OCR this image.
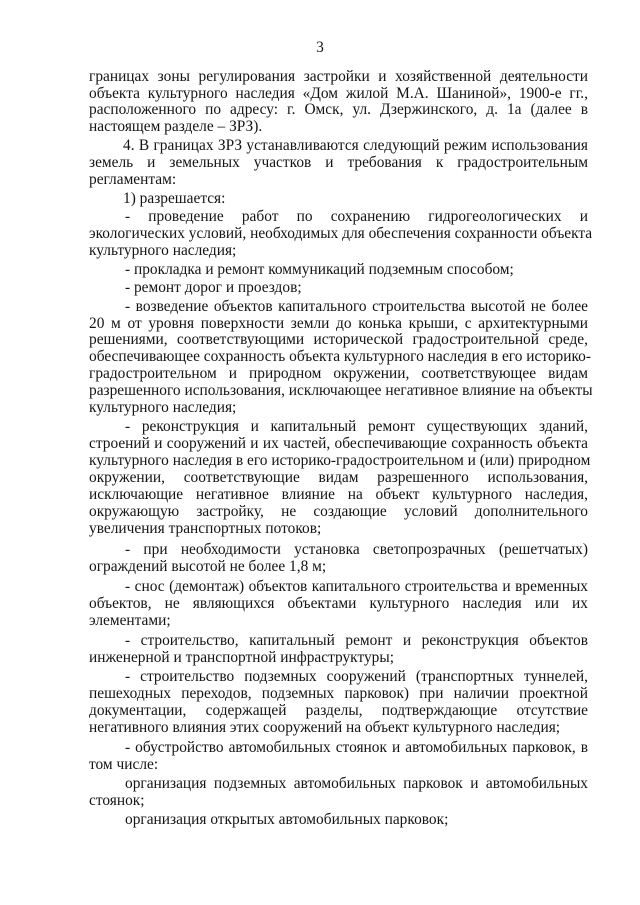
3
границах зоны регулирования застройки и хозяйственной деятельности
объекта культурного наследия «Дом жилой М.А. Шаниной», 1900-е гг.,
расположенного по адресу: г. Омск, ул. Дзержинского, д. 1а (далее в
настоящем разделе – ЗРЗ).
4. В границах ЗРЗ устанавливаются следующий режим использования
земель и земельных участков и требования к градостроительным
регламентам:
1) разрешается:
- проведение работ по сохранению гидрогеологических и
экологических условий, необходимых для обеспечения сохранности объекта
культурного наследия;
- прокладка и ремонт коммуникаций подземным способом;
- ремонт дорог и проездов;
- возведение объектов капитального строительства высотой не более
20 м от уровня поверхности земли до конька крыши, с архитектурными
решениями, соответствующими исторической градостроительной среде,
обеспечивающее сохранность объекта культурного наследия в его историко-
градостроительном и природном окружении, соответствующее видам
разрешенного использования, исключающее негативное влияние на объекты
культурного наследия;
- реконструкция и капитальный ремонт существующих зданий,
строений и сооружений и их частей, обеспечивающие сохранность объекта
культурного наследия в его историко-градостроительном и (или) природном
окружении, соответствующие видам разрешенного использования,
исключающие негативное влияние на объект культурного наследия,
окружающую застройку, не создающие условий дополнительного
увеличения транспортных потоков;
- при необходимости установка светопрозрачных (решетчатых)
ограждений высотой не более 1,8 м;
- снос (демонтаж) объектов капитального строительства и временных
объектов, не являющихся объектами культурного наследия или их
элементами;
- строительство, капитальный ремонт и реконструкция объектов
инженерной и транспортной инфраструктуры;
- строительство подземных сооружений (транспортных туннелей,
пешеходных переходов, подземных парковок) при наличии проектной
документации, содержащей разделы, подтверждающие отсутствие
негативного влияния этих сооружений на объект культурного наследия;
- обустройство автомобильных стоянок и автомобильных парковок, в
том числе:
организация подземных автомобильных парковок и автомобильных
стоянок;
организация открытых автомобильных парковок;
